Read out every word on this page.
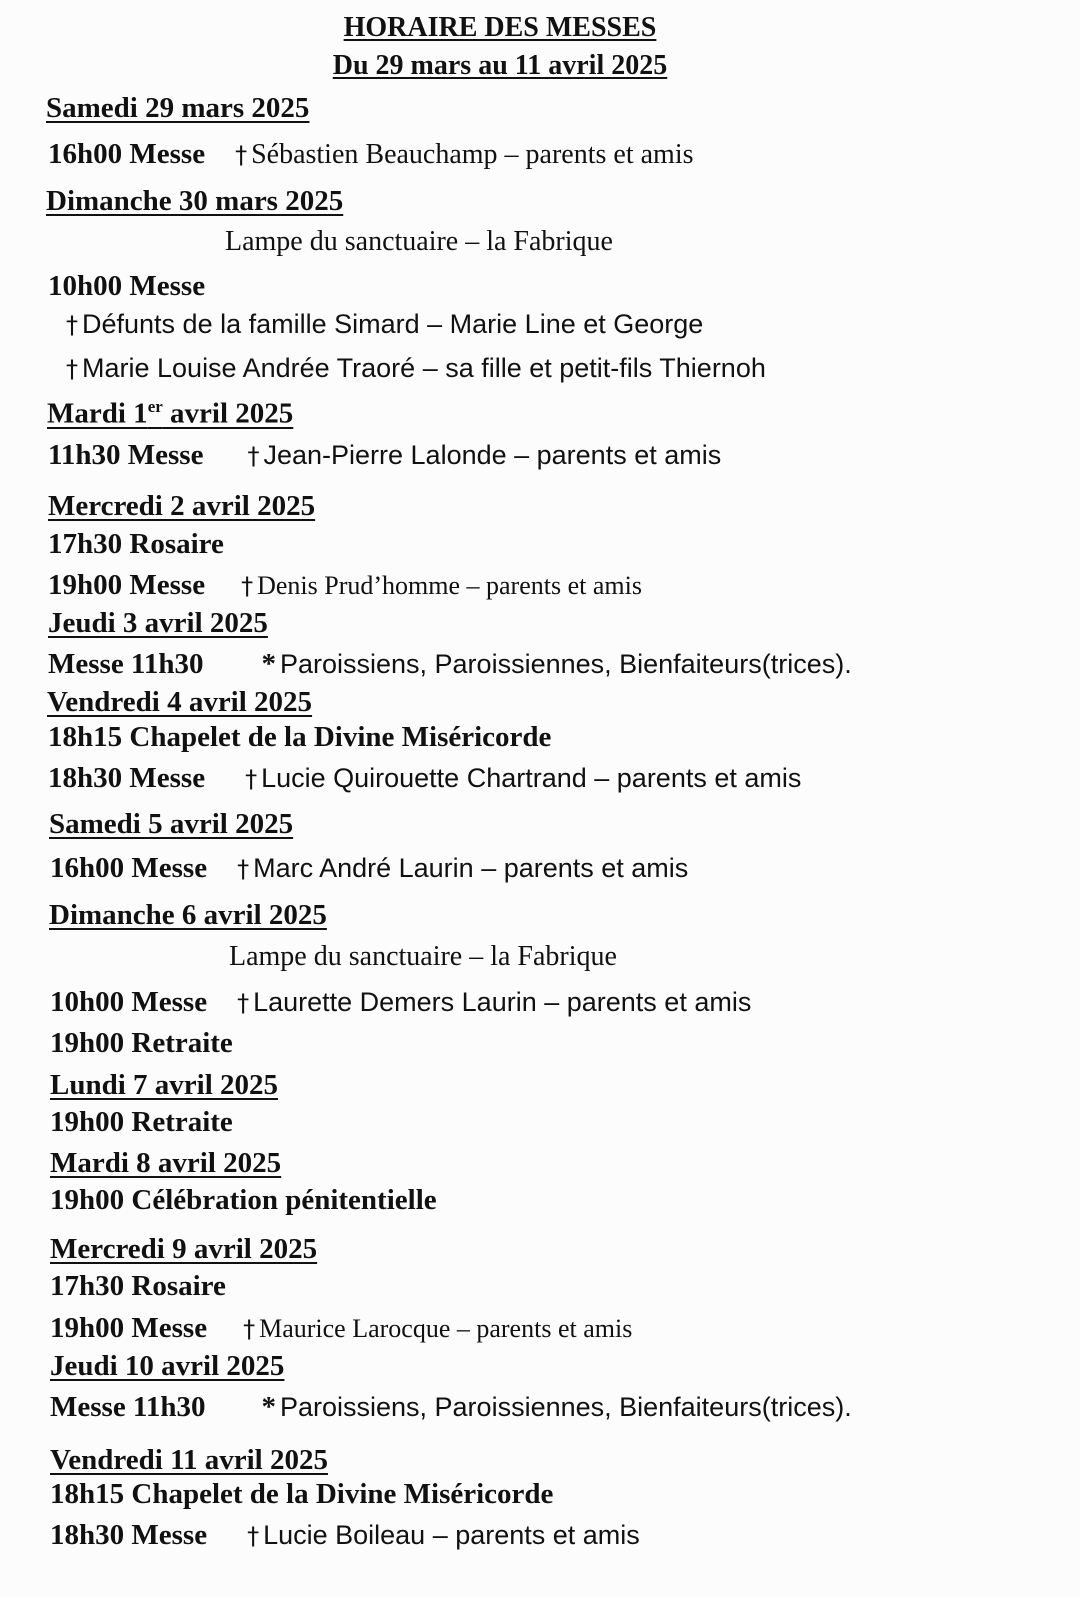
HORAIRE DES MESSES
Du 29 mars au 11 avril 2025
Samedi 29 mars 2025
16h00 Messe † Sébastien Beauchamp – parents et amis
Dimanche 30 mars 2025
Lampe du sanctuaire – la Fabrique
10h00 Messe
† Défunts de la famille Simard – Marie Line et George
† Marie Louise Andrée Traoré – sa fille et petit-fils Thiernoh
Mardi 1er avril 2025
11h30 Messe † Jean-Pierre Lalonde – parents et amis
Mercredi 2 avril 2025
17h30 Rosaire
19h00 Messe † Denis Prud’homme – parents et amis
Jeudi 3 avril 2025
Messe 11h30 * Paroissiens, Paroissiennes, Bienfaiteurs(trices).
Vendredi 4 avril 2025
18h15 Chapelet de la Divine Miséricorde
18h30 Messe † Lucie Quirouette Chartrand – parents et amis
Samedi 5 avril 2025
16h00 Messe † Marc André Laurin – parents et amis
Dimanche 6 avril 2025
Lampe du sanctuaire – la Fabrique
10h00 Messe † Laurette Demers Laurin – parents et amis
19h00 Retraite
Lundi 7 avril 2025
19h00 Retraite
Mardi 8 avril 2025
19h00 Célébration pénitentielle
Mercredi 9 avril 2025
17h30 Rosaire
19h00 Messe † Maurice Larocque – parents et amis
Jeudi 10 avril 2025
Messe 11h30 * Paroissiens, Paroissiennes, Bienfaiteurs(trices).
Vendredi 11 avril 2025
18h15 Chapelet de la Divine Miséricorde
18h30 Messe † Lucie Boileau – parents et amis
